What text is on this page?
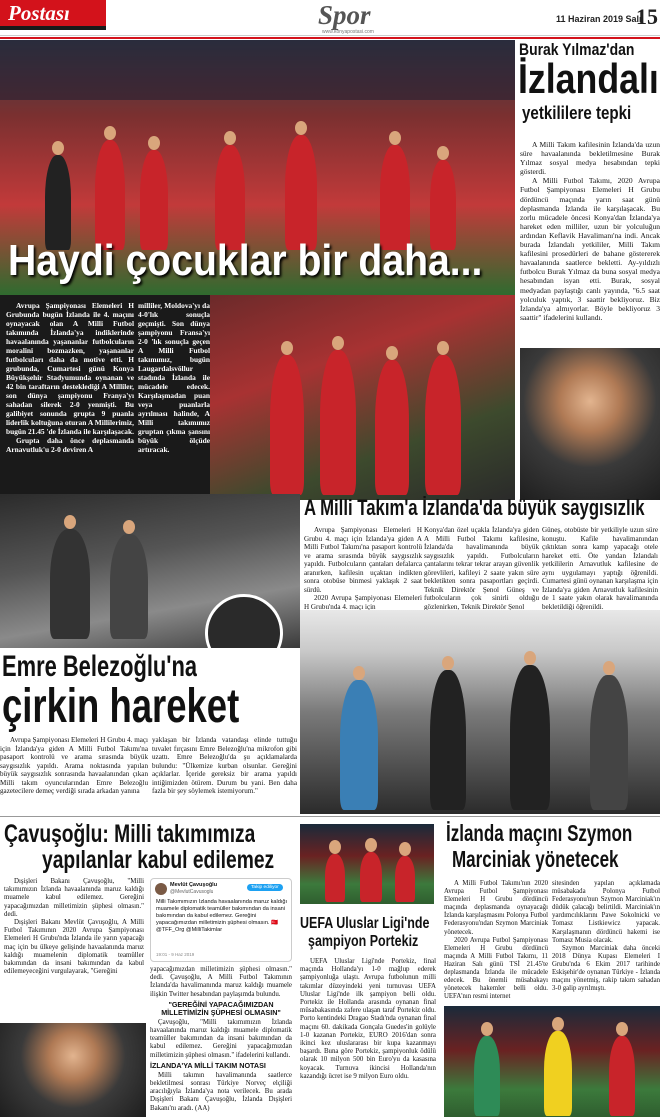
Postası	Spor
www.konyapostasi.com
11 Haziran 2019 Salı
15
Haydi çocuklar bir daha...

Avrupa Şampiyonası Elemeleri H Grubunda bugün İzlanda ile 4. maçını oynayacak olan A Milli Futbol takımında İzlanda'ya indiklerinde havaalanında yaşananlar futbolcuların moralini bozmazken, yaşananlar futbolcuları daha da motive etti. H grubunda, Cumartesi günü Konya Büyükşehir Stadyumunda oynanan ve 42 bin taraftarın desteklediği A Milliler, son dünya şampiyonu Franya'yı sahadan silerek 2-0 yenmişti. Bu galibiyet sonunda grupta 9 puanla liderlik koltuğuna oturan A Millilerimiz, bugün 21.45 'de İzlanda ile karşılaşacak.

Grupta daha önce deplasmanda Arnavutluk'u 2-0 deviren A

milliler, Moldova'yı da 4-0'lık sonuçla geçmişti. Son dünya şampiyonu Fransa'yı 2-0 'lık sonuçla geçen A Milli Futbol takımımız, bugün Laugardalsvöllur stadında İzlanda ile mücadele edecek. Karşılaşmadan puan veya puanlarla ayrılması halinde, A Milli takımımız gruptan çıkma şansını büyük ölçüde artıracak.

Burak Yılmaz'dan
İzlandalı
yetkililere tepki

A Milli Takım kafilesinin İzlanda'da uzun süre havaalanında bekletilmesine Burak Yılmaz sosyal medya hesabından tepki gösterdi.

A Milli Futbol Takımı, 2020 Avrupa Futbol Şampiyonası Elemeleri H Grubu dördüncü maçında yarın saat günü deplasmanda İzlanda ile karşılaşacak. Bu zorlu mücadele öncesi Konya'dan İzlanda'ya hareket eden milliler, uzun bir yolculuğun ardından Keflavik Havalimanı'na indi. Ancak burada İzlandalı yetkililer, Milli Takım kafilesini prosedürleri de bahane göstererek havaalanında saatlerce bekletti. Ay-yıldızlı futbolcu Burak Yılmaz da buna sosyal medya hesabından isyan etti. Burak, sosyal medyadan paylaştığı canlı yayında, "6.5 saat yolculuk yaptık, 3 saattir bekliyoruz. Biz İzlanda'ya almıyorlar. Böyle bekliyoruz 3 saattir" ifadelerini kullandı.

A Milli Takım'a İzlanda'da büyük saygısızlık

Avrupa Şampiyonası Elemeleri H Grubu 4. maçı için İzlanda'ya giden A Milli Futbol Takımı'na pasaport kontrolü ve arama sırasında büyük saygısızlık yapıldı. Futbolcuların çantaları defalarca aranırken, kafilesin uçaktan indikten sonra otobüse binmesi yaklaşık 2 saat sürdü.

2020 Avrupa Şampiyonası Elemeleri H Grubu'nda 4. maçı için

Konya'dan özel uçakla İzlanda'ya giden A Milli Futbol Takımı kafilesine, İzlanda'da havalimanında büyük saygısızlık yapıldı. Futbolcuların çantalarını tekrar tekrar arayan güvenlik görevlileri, kafileyi 2 saate yakın süre bekletikten sonra pasaportları geçirdi. Teknik Direktör Şenol Güneş ve futbolcuların çok sinirli olduğu gözlenirken, Teknik Direktör Şenol

Güneş, otobüste bir yetkiliyle uzun süre konuştu. Kafile havalimanından çıktıktan sonra kamp yapacağı otele hareket etti. Öte yandan İzlandalı yetkililerin Arnavutluk kafilesine de aynı uygulamayı yaptığı öğrenildi. Cumartesi günü oynanan karşılaşma için İzlanda'ya giden Arnavutluk kafilesinin de 1 saate yakın olarak havalimanında bekletildiği öğrenildi.

Emre Belezoğlu'na
çirkin hareket

Avrupa Şampiyonası Elemeleri H Grubu 4. maçı için İzlanda'ya giden A Milli Futbol Takımı'na pasaport kontrolü ve arama sırasında büyük saygısızlık yapıldı. Arama noktasında yapılan büyük saygısızlık sonrasında havaalanından çıkan Milli takım oyuncularından Emre Belezoğlu gazetecilere demeç verdiği sırada arkadan yanına

yaklaşan bir İzlanda vatandaşı elinde tuttuğu tuvalet fırçasını Emre Belezoğlu'na mikrofon gibi uzattı. Emre Belezoğlu'da şu açıklamalarda bulundu: "Ülkemize kurban olsunlar. Gereğini açıklarlar. İçeride gereksiz bir arama yapıldı intiğimizden ötürem. Durum bu yani. Ben daha fazla bir şey söylemek istemiyorum."

Çavuşoğlu: Milli takımımıza
yapılanlar kabul edilemez

Dışişleri Bakanı Çavuşoğlu, "Milli takımımızın İzlanda havaalanında maruz kaldığı muamele kabul edilemez. Gereğini yapacağımızdan milletimizin şüphesi olmasın." dedi.

Dışişleri Bakanı Mevlüt Çavuşoğlu, A Milli Futbol Takımının 2020 Avrupa Şampiyonası Elemeleri H Grubu'nda İzlanda ile yarın yapacağı maç için bu ülkeye gelişinde havaalanında maruz kaldığı muamelenin diplomatik teamüller bakımından da insani bakımından da kabul edilemeyeceğini vurgulayarak, "Gereğini

Mevlüt Çavuşoğlu
@MevlutCavusoglu
Takip ediliyor
Milli Takımımızın İzlanda havaalanında maruz kaldığı muamele diplomatik teamüller bakımından da insani bakımından da kabul edilemez. Gereğini yapacağımızdan milletimizin şüphesi olmasın. 🇹🇷 @TFF_Org @MilliTakimlar
19:01 - 9 Haz 2019

yapacağımızdan milletimizin şüphesi olmasın." dedi. Çavuşoğlu, A Milli Futbol Takımının İzlanda'da havalimanında maruz kaldığı muamele ilişkin Twitter hesabından paylaşımda bulundu.

"GEREĞİNİ YAPACAĞIMIZDAN MİLLETİMİZİN ŞÜPHESİ OLMASIN"

Çavuşoğlu, "Milli takımımızın İzlanda havaalanında maruz kaldığı muamele diplomatik teamüller bakımından da insani bakımından da kabul edilemez. Gereğini yapacağımızdan milletimizin şüphesi olmasın." ifadelerini kullandı.

İZLANDA'YA MİLLİ TAKIM NOTASI

Milli takımın havalimanında saatlerce bekletilmesi sonrası Türkiye Norveç elçiliği aracılığıyla İzlanda'ya nota verilecek. Bu arada Dışişleri Bakanı Çavuşoğlu, İzlanda Dışişleri Bakanı'nı aradı. (AA)

UEFA Uluslar Ligi'nde
şampiyon Portekiz

UEFA Uluslar Ligi'nde Portekiz, final maçında Hollanda'yı 1-0 mağlup ederek şampiyonluğa ulaştı. Avrupa futbolunun milli takımlar düzeyindeki yeni turnuvası UEFA Uluslar Ligi'nde ilk şampiyon belli oldu. Portekiz ile Hollanda arasında oynanan final müsabakasında zafere ulaşan taraf Portekiz oldu. Porto kentindeki Dragao Stadı'nda oynanan final maçını 60. dakikada Gonçala Guedes'in golüyle 1-0 kazanan Portekiz, EURO 2016'dan sonra ikinci kez uluslararası bir kupa kazanmayı başardı. Buna göre Portekiz, şampiyonluk ödülü olarak 10 milyon 500 bin Euro'yu da kasasına koyacak. Turnuva ikincisi Hollanda'nın kazandığı ücret ise 9 milyon Euro oldu.

İzlanda maçını Szymon
Marciniak yönetecek

A Milli Futbol Takımı'nın 2020 Avrupa Futbol Şampiyonası Elemeleri H Grubu dördüncü maçında deplasmanda oynayacağı İzlanda karşılaşmasını Polonya Futbol Federasyonu'ndan Szymon Marciniak yönetecek.

2020 Avrupa Futbol Şampiyonası Elemeleri H Grubu dördüncü maçında A Milli Futbol Takımı, 11 Haziran Salı günü TSİ 21.45'te deplasmanda İzlanda ile mücadele edecek. Bu önemli müsabakayı yönetecek hakemler belli oldu. UEFA'nın resmi internet

sitesinden yapılan açıklamada müsabakada Polonya Futbol Federasyonu'nun Szymon Marciniak'ın düdük çalacağı belirtildi. Marciniak'ın yardımcılıklarını Pawe Sokolnicki ve Tomasz Listkiewicz yapacak. Karşılaşmanın dördüncü hakemi ise Tomasz Musia olacak.

Szymon Marciniak daha önceki 2018 Dünya Kupası Elemeleri I Grubu'nda 6 Ekim 2017 tarihinde Eskişehir'de oynanan Türkiye - İzlanda maçını yönetmiş, rakip takım sahadan 3-0 galip ayrılmıştı.
